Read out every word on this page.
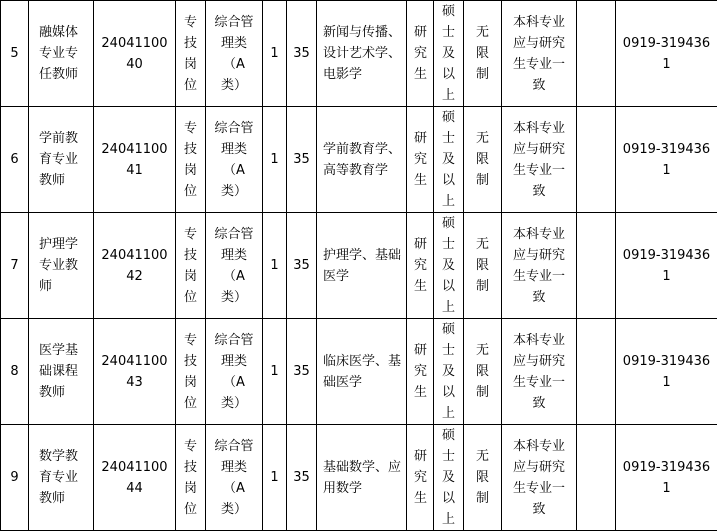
5	融媒体专业专任教师	2404110040	专技岗位	综合管理类（A类）	1	35	新闻与传播、设计艺术学、电影学	研究生	硕士及以上	无限制	本科专业应与研究生专业一致		0919-3194361
6	学前教育专业教师	2404110041	专技岗位	综合管理类（A类）	1	35	学前教育学、高等教育学	研究生	硕士及以上	无限制	本科专业应与研究生专业一致		0919-3194361
7	护理学专业教师	2404110042	专技岗位	综合管理类（A类）	1	35	护理学、基础医学	研究生	硕士及以上	无限制	本科专业应与研究生专业一致		0919-3194361
8	医学基础课程教师	2404110043	专技岗位	综合管理类（A类）	1	35	临床医学、基础医学	研究生	硕士及以上	无限制	本科专业应与研究生专业一致		0919-3194361
9	数学教育专业教师	2404110044	专技岗位	综合管理类（A类）	1	35	基础数学、应用数学	研究生	硕士及以上	无限制	本科专业应与研究生专业一致		0919-3194361
